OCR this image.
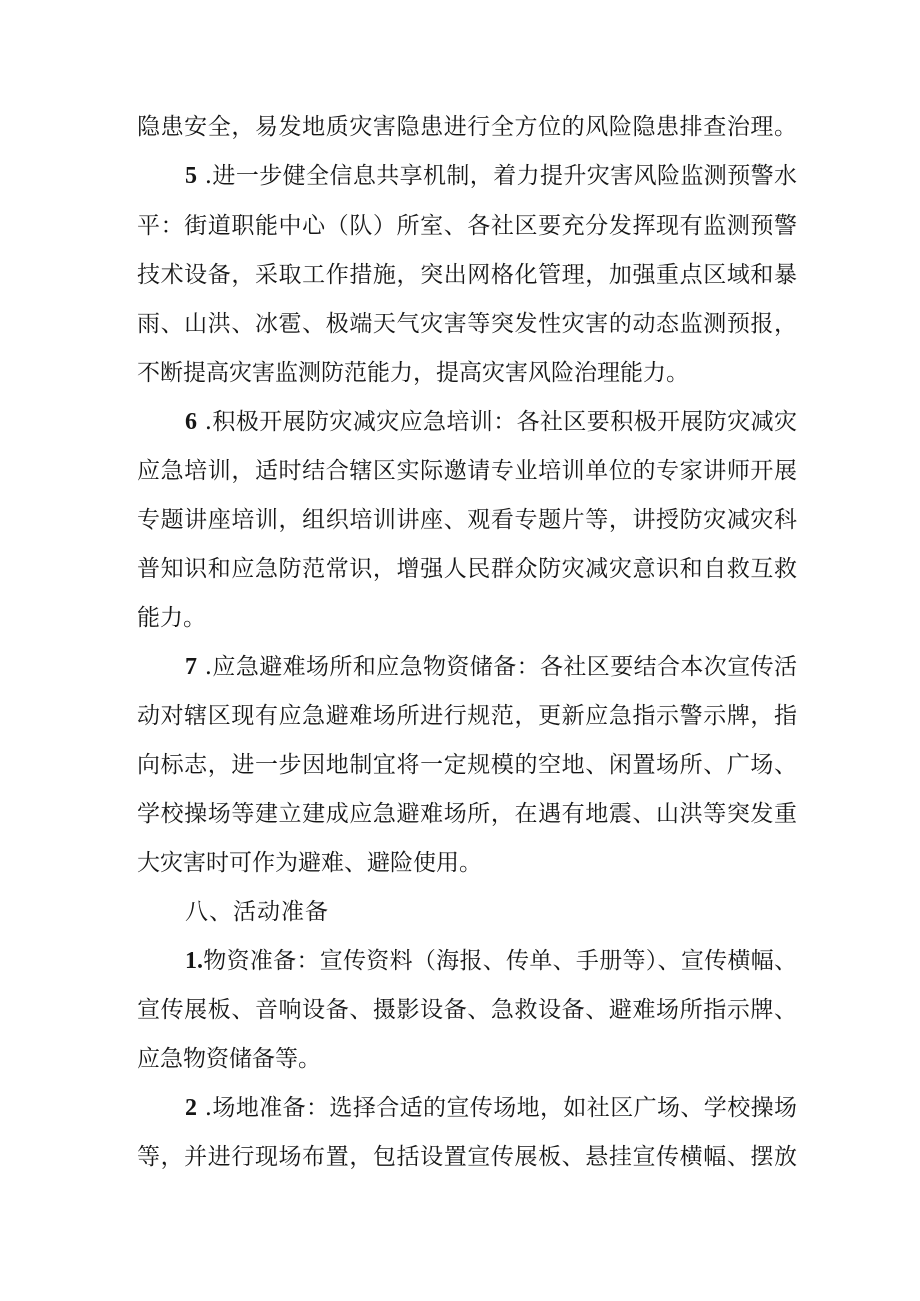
隐患安全，易发地质灾害隐患进行全方位的风险隐患排查治理。
5 .进一步健全信息共享机制，着力提升灾害风险监测预警水
平：街道职能中心（队）所室、各社区要充分发挥现有监测预警
技术设备，采取工作措施，突出网格化管理，加强重点区域和暴
雨、山洪、冰雹、极端天气灾害等突发性灾害的动态监测预报，
不断提高灾害监测防范能力，提高灾害风险治理能力。
6 .积极开展防灾减灾应急培训：各社区要积极开展防灾减灾
应急培训，适时结合辖区实际邀请专业培训单位的专家讲师开展
专题讲座培训，组织培训讲座、观看专题片等，讲授防灾减灾科
普知识和应急防范常识，增强人民群众防灾减灾意识和自救互救
能力。
7 .应急避难场所和应急物资储备：各社区要结合本次宣传活
动对辖区现有应急避难场所进行规范，更新应急指示警示牌，指
向标志，进一步因地制宜将一定规模的空地、闲置场所、广场、
学校操场等建立建成应急避难场所，在遇有地震、山洪等突发重
大灾害时可作为避难、避险使用。
八、活动准备
1.物资准备：宣传资料（海报、传单、手册等）、宣传横幅、
宣传展板、音响设备、摄影设备、急救设备、避难场所指示牌、
应急物资储备等。
2 .场地准备：选择合适的宣传场地，如社区广场、学校操场
等，并进行现场布置，包括设置宣传展板、悬挂宣传横幅、摆放
